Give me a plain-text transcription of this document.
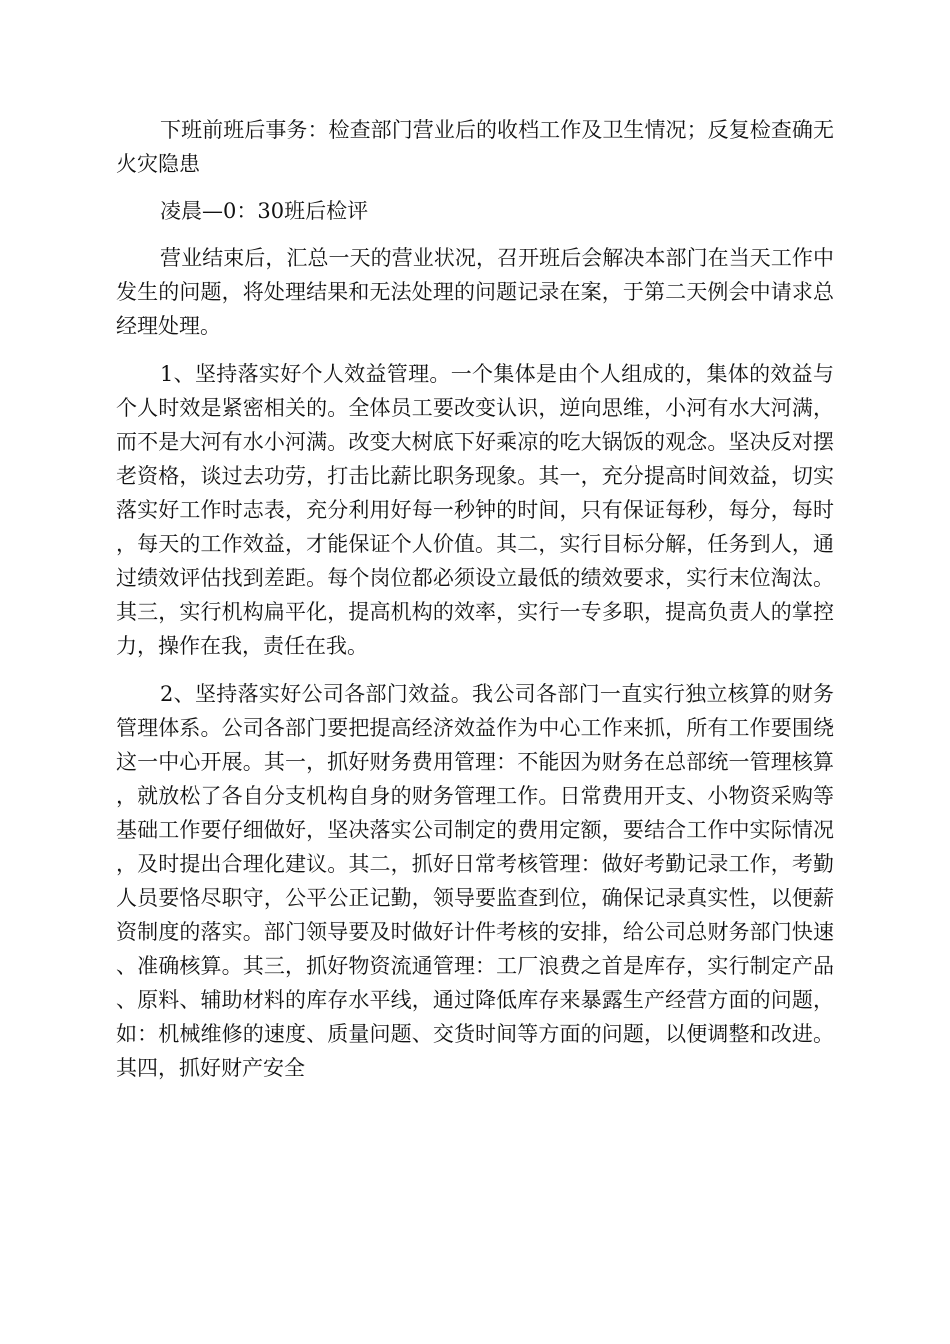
下班前班后事务：检查部门营业后的收档工作及卫生情况；反复检查确无火灾隐患

凌晨—0：30班后检评

营业结束后，汇总一天的营业状况，召开班后会解决本部门在当天工作中发生的问题，将处理结果和无法处理的问题记录在案，于第二天例会中请求总经理处理。

1、坚持落实好个人效益管理。一个集体是由个人组成的，集体的效益与个人时效是紧密相关的。全体员工要改变认识，逆向思维，小河有水大河满，而不是大河有水小河满。改变大树底下好乘凉的吃大锅饭的观念。坚决反对摆老资格，谈过去功劳，打击比薪比职务现象。其一，充分提高时间效益，切实落实好工作时志表，充分利用好每一秒钟的时间，只有保证每秒，每分，每时，每天的工作效益，才能保证个人价值。其二，实行目标分解，任务到人，通过绩效评估找到差距。每个岗位都必须设立最低的绩效要求，实行末位淘汰。其三，实行机构扁平化，提高机构的效率，实行一专多职，提高负责人的掌控力，操作在我，责任在我。

2、坚持落实好公司各部门效益。我公司各部门一直实行独立核算的财务管理体系。公司各部门要把提高经济效益作为中心工作来抓，所有工作要围绕这一中心开展。其一，抓好财务费用管理：不能因为财务在总部统一管理核算，就放松了各自分支机构自身的财务管理工作。日常费用开支、小物资采购等基础工作要仔细做好，坚决落实公司制定的费用定额，要结合工作中实际情况，及时提出合理化建议。其二，抓好日常考核管理：做好考勤记录工作，考勤人员要恪尽职守，公平公正记勤，领导要监查到位，确保记录真实性，以便薪资制度的落实。部门领导要及时做好计件考核的安排，给公司总财务部门快速、准确核算。其三，抓好物资流通管理：工厂浪费之首是库存，实行制定产品、原料、辅助材料的库存水平线，通过降低库存来暴露生产经营方面的问题，如：机械维修的速度、质量问题、交货时间等方面的问题，以便调整和改进。其四，抓好财产安全
